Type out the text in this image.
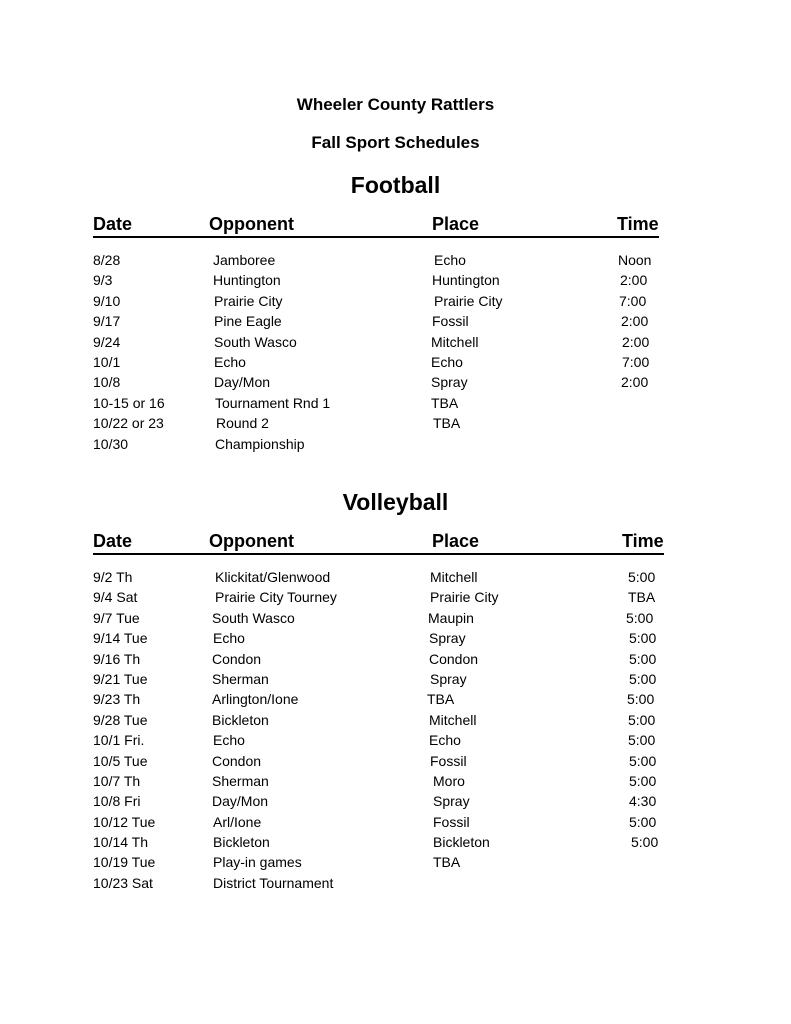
Wheeler County Rattlers
Fall Sport Schedules
Football
Date	Opponent	Place	Time
8/28	Jamboree	Echo	Noon
9/3	Huntington	Huntington	2:00
9/10	Prairie City	Prairie City	7:00
9/17	Pine Eagle	Fossil	2:00
9/24	South Wasco	Mitchell	2:00
10/1	Echo	Echo	7:00
10/8	Day/Mon	Spray	2:00
10-15 or 16	Tournament Rnd 1	TBA
10/22 or 23	Round 2	TBA
10/30	Championship
Volleyball
Date	Opponent	Place	Time
9/2 Th	Klickitat/Glenwood	Mitchell	5:00
9/4 Sat	Prairie City Tourney	Prairie City	TBA
9/7 Tue	South Wasco	Maupin	5:00
9/14 Tue	Echo	Spray	5:00
9/16 Th	Condon	Condon	5:00
9/21 Tue	Sherman	Spray	5:00
9/23 Th	Arlington/Ione	TBA	5:00
9/28 Tue	Bickleton	Mitchell	5:00
10/1 Fri.	Echo	Echo	5:00
10/5 Tue	Condon	Fossil	5:00
10/7 Th	Sherman	Moro	5:00
10/8 Fri	Day/Mon	Spray	4:30
10/12 Tue	Arl/Ione	Fossil	5:00
10/14 Th	Bickleton	Bickleton	5:00
10/19 Tue	Play-in games	TBA
10/23 Sat	District Tournament
